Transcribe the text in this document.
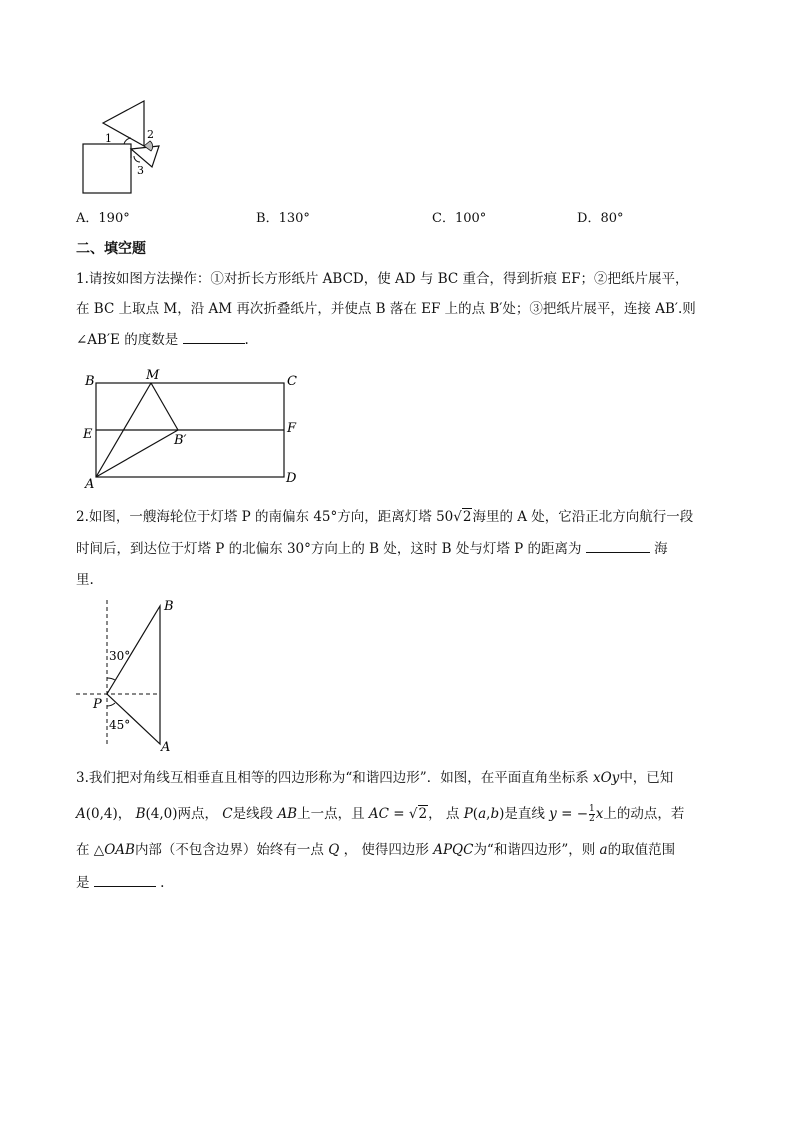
1	2
3
A．190°	B．130°	C．100°	D．80°
二、填空题
1.请按如图方法操作：①对折长方形纸片 ABCD，使 AD 与 BC 重合，得到折痕 EF；②把纸片展平，
在 BC 上取点 M，沿 AM 再次折叠纸片，并使点 B 落在 EF 上的点 B′处；③把纸片展平，连接 AB′.则
∠AB′E 的度数是	.
B	M	C
E	B′
F
A	D
2.如图，一艘海轮位于灯塔 P 的南偏东 45°方向，距离灯塔 50√2海里的 A 处，它沿正北方向航行一段
时间后，到达位于灯塔 P 的北偏东 30°方向上的 B 处，这时 B 处与灯塔 P 的距离为	海
里.
B
A
P
30°
45°
3.我们把对角线互相垂直且相等的四边形称为“和谐四边形”．如图，在平面直角坐标系 xOy中，已知
A(0,4)， B(4,0)两点， C是线段 AB上一点，且 AC = √2， 点 P(a,b)是直线 y = − $\frac{1}{2}$ x上的动点，若
在 △OAB内部（不包含边界）始终有一点 Q ， 使得四边形 APQC为“和谐四边形”，则 a的取值范围
是	.
